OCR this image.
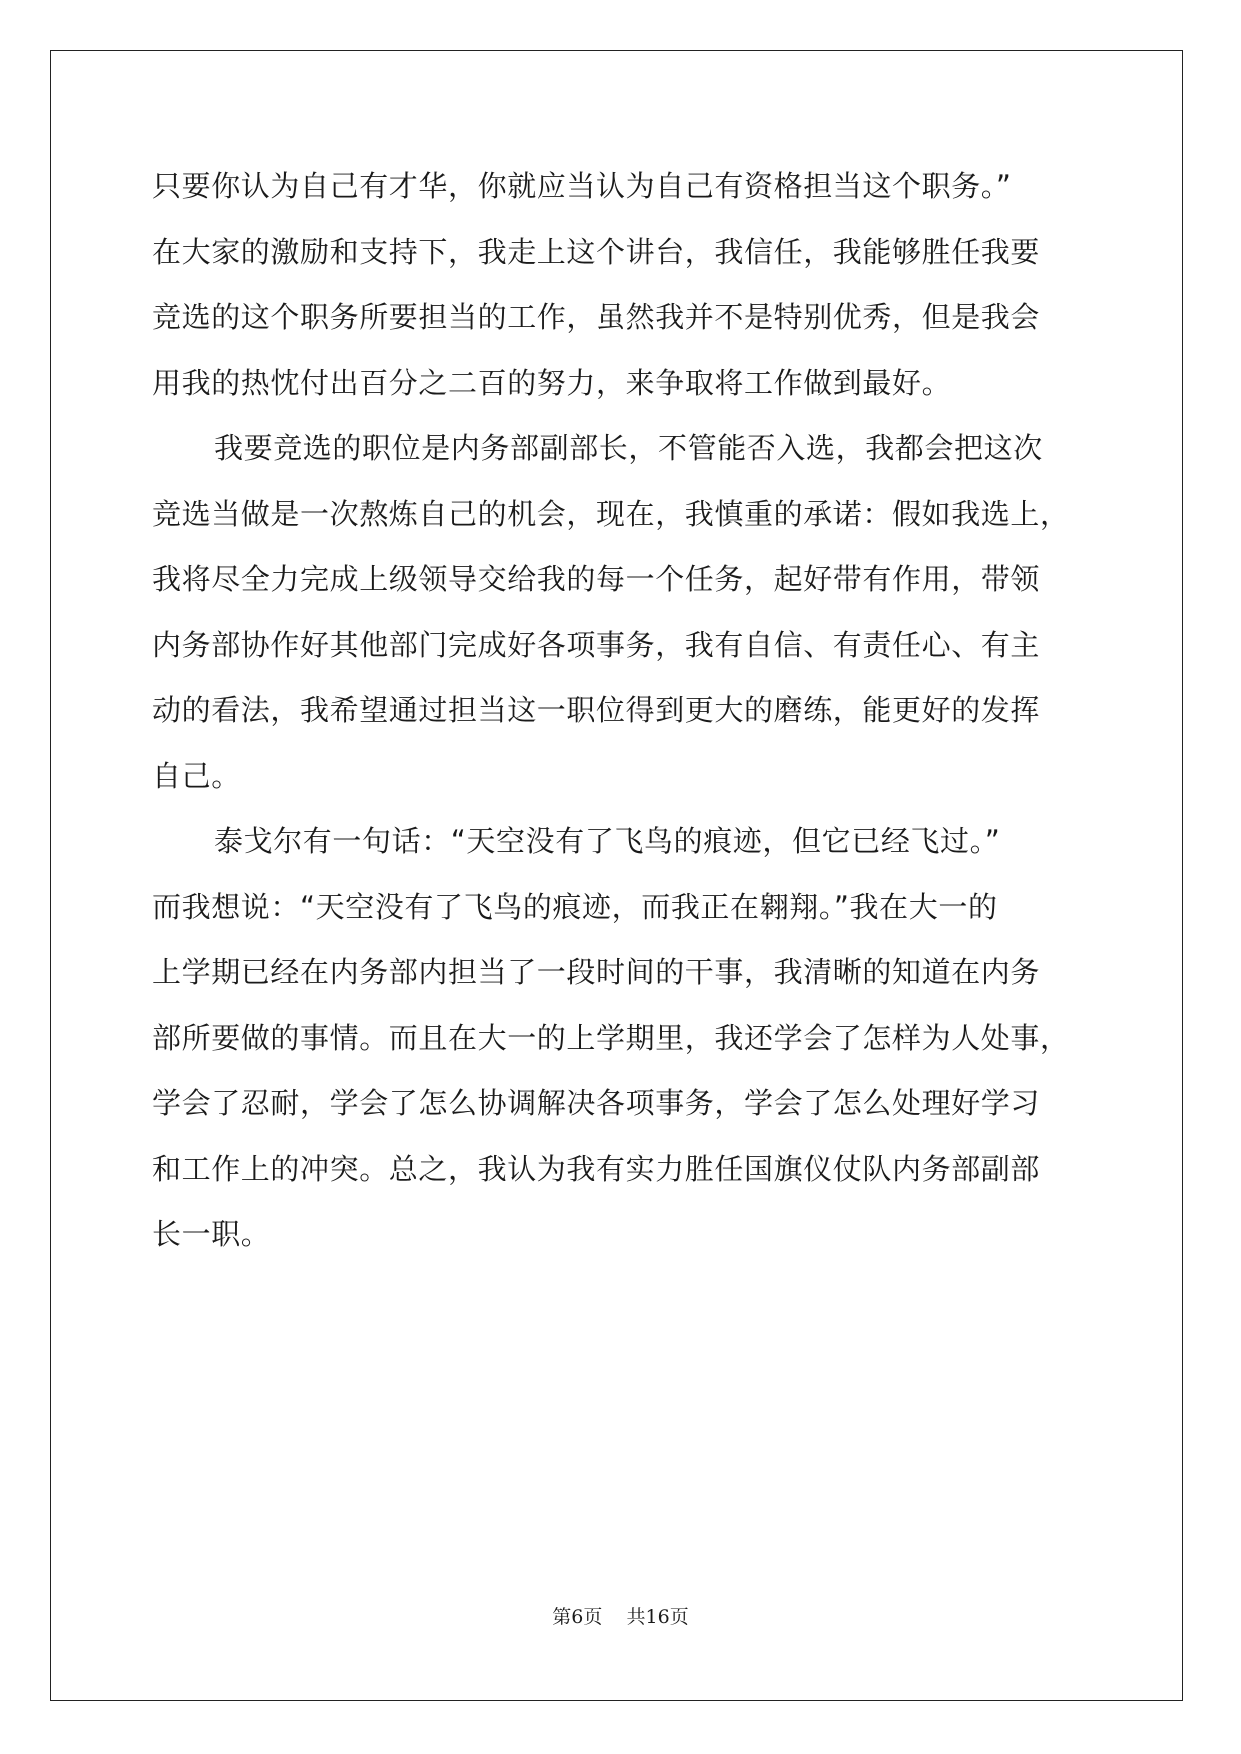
只要你认为自己有才华，你就应当认为自己有资格担当这个职务。”
在大家的激励和支持下，我走上这个讲台，我信任，我能够胜任我要
竞选的这个职务所要担当的工作，虽然我并不是特别优秀，但是我会
用我的热忱付出百分之二百的努力，来争取将工作做到最好。
我要竞选的职位是内务部副部长，不管能否入选，我都会把这次
竞选当做是一次熬炼自己的机会，现在，我慎重的承诺：假如我选上，
我将尽全力完成上级领导交给我的每一个任务，起好带有作用，带领
内务部协作好其他部门完成好各项事务，我有自信、有责任心、有主
动的看法，我希望通过担当这一职位得到更大的磨练，能更好的发挥
自己。
泰戈尔有一句话：“天空没有了飞鸟的痕迹，但它已经飞过。”
而我想说：“天空没有了飞鸟的痕迹，而我正在翱翔。”我在大一的
上学期已经在内务部内担当了一段时间的干事，我清晰的知道在内务
部所要做的事情。而且在大一的上学期里，我还学会了怎样为人处事，
学会了忍耐，学会了怎么协调解决各项事务，学会了怎么处理好学习
和工作上的冲突。总之，我认为我有实力胜任国旗仪仗队内务部副部
长一职。
第6页 共16页
